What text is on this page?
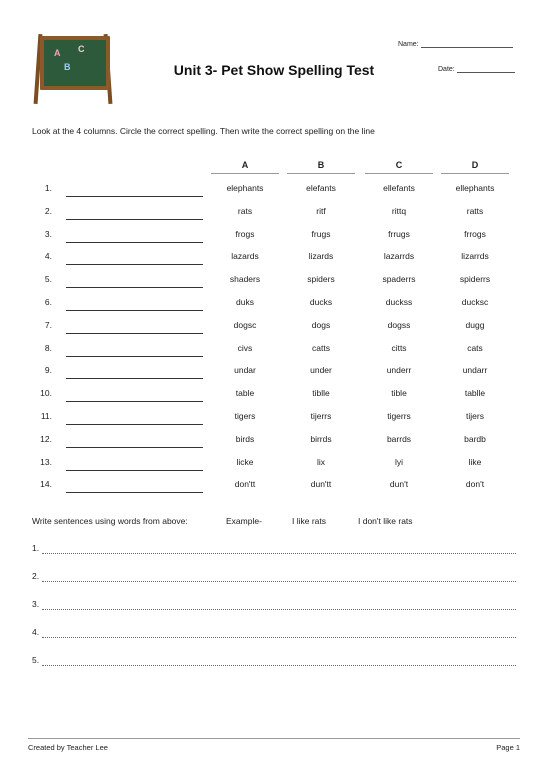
A C
B
Name:
Date:
Unit 3- Pet Show Spelling Test
Look at the 4 columns. Circle the correct spelling. Then write the correct spelling on the line
A	B	C	D
1.	elephants	elefants	ellefants	ellephants
2.	rats	ritf	rittq	ratts
3.	frogs	frugs	frrugs	frrogs
4.	lazards	lizards	lazarrds	lizarrds
5.	shaders	spiders	spaderrs	spiderrs
6.	duks	ducks	duckss	ducksc
7.	dogsc	dogs	dogss	dugg
8.	civs	catts	citts	cats
9.	undar	under	underr	undarr
10.	table	tiblle	tible	tablle
11.	tigers	tijerrs	tigerrs	tijers
12.	birds	birrds	barrds	bardb
13.	licke	lix	lyi	like
14.	don'tt	dun'tt	dun't	don't
Write sentences using words from above:	Example-	I like rats	I don't like rats
1.
2.
3.
4.
5.
Created by Teacher Lee	Page 1
